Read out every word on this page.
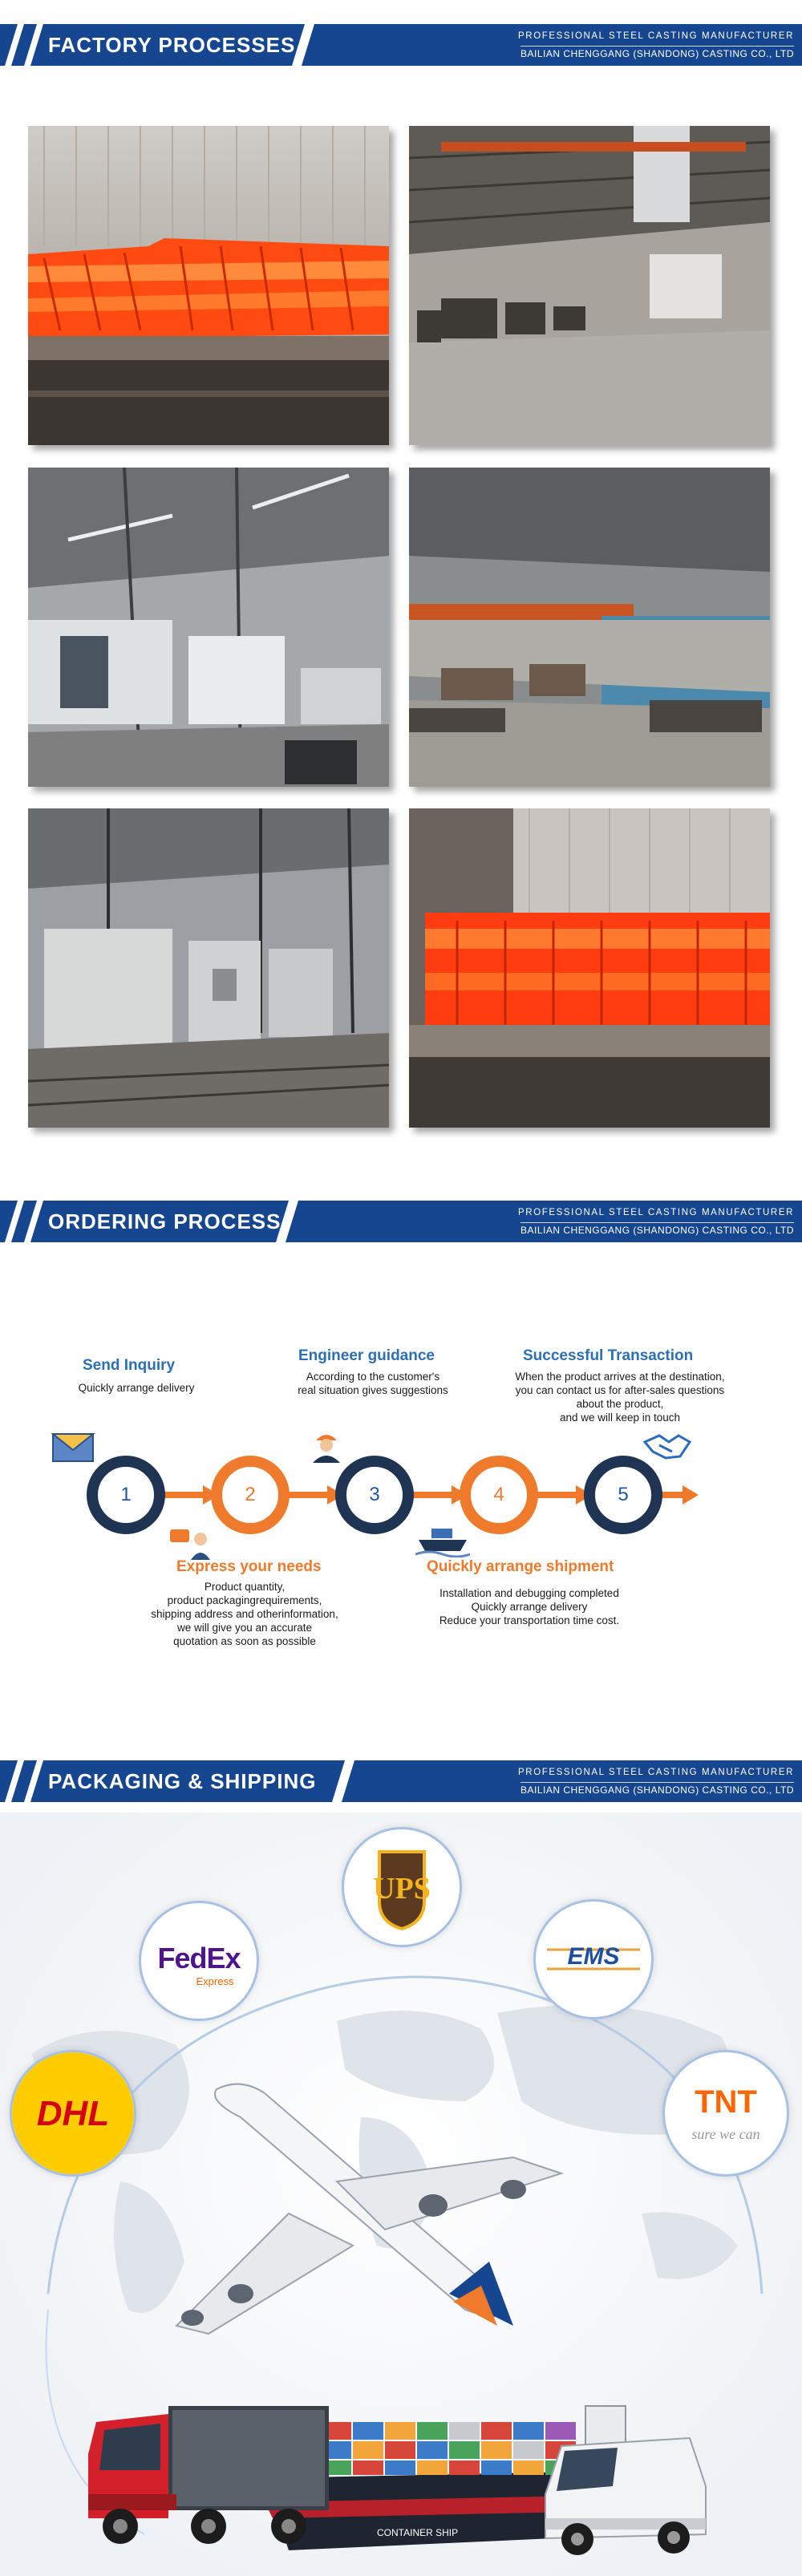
FACTORY PROCESSES	PROFESSIONAL STEEL CASTING MANUFACTURER
BAILIAN CHENGGANG (SHANDONG) CASTING CO., LTD
ORDERING PROCESS	PROFESSIONAL STEEL CASTING MANUFACTURER
BAILIAN CHENGGANG (SHANDONG) CASTING CO., LTD
1	2	3	4	5
Send Inquiry
Quickly arrange delivery
Express your needs
Product quantity,
product packagingrequirements,
shipping address and otherinformation,
we will give you an accurate
quotation as soon as possible
Engineer guidance
According to the customer's
real situation gives suggestions
Quickly arrange shipment
Installation and debugging completed
Quickly arrange delivery
Reduce your transportation time cost.
Successful Transaction
When the product arrives at the destination,
you can contact us for after-sales questions
about the product,
and we will keep in touch
PACKAGING & SHIPPING	PROFESSIONAL STEEL CASTING MANUFACTURER
BAILIAN CHENGGANG (SHANDONG) CASTING CO., LTD
CONTAINER SHIP
UPS
FedEx
Express
EMS
DHL	TNT
sure we can
